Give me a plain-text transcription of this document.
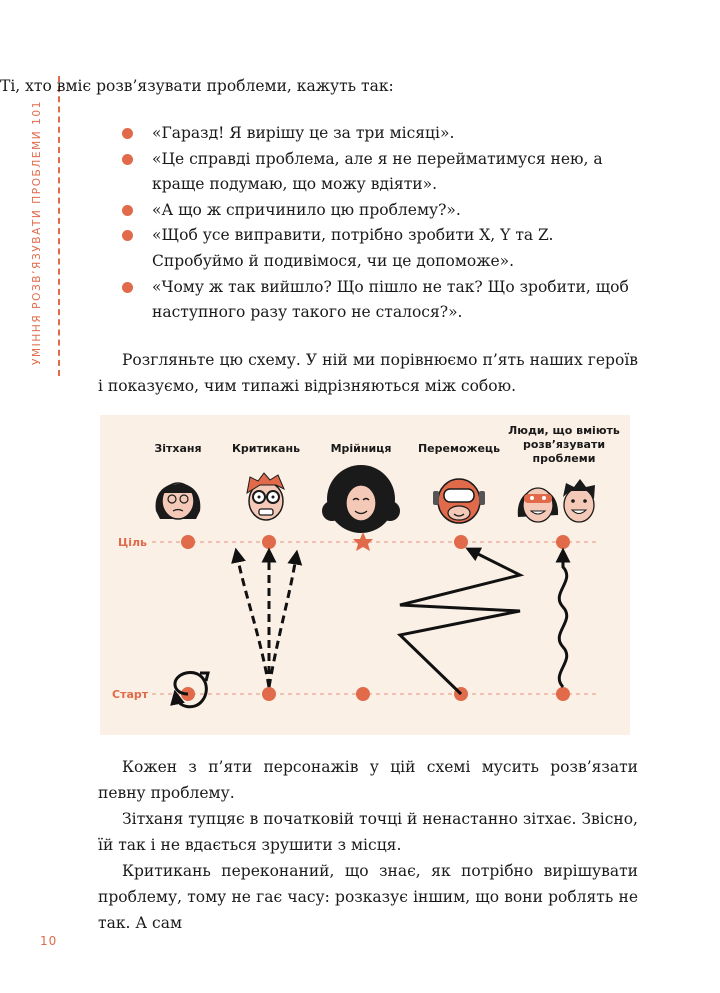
УМІННЯ РОЗВ’ЯЗУВАТИ ПРОБЛЕМИ 101

Ті, хто вміє розв’язувати проблеми, кажуть так:

«Гаразд! Я вирішу це за три місяці».
«Це справді проблема, але я не перейматимуся нею, а краще подумаю, що можу вдіяти».
«А що ж спричинило цю проблему?».
«Щоб усе виправити, потрібно зробити X, Y та Z. Спробуймо й подивімося, чи це допоможе».
«Чому ж так вийшло? Що пішло не так? Що зробити, щоб наступного разу такого не сталося?».

Розгляньте цю схему. У ній ми порівнюємо п’ять наших героїв і показуємо, чим типажі відрізняються між собою.

Зітханя	Критикань	Мрійниця Переможець
Люди, що вміють
розв’язувати
проблеми
Ціль
Старт

Кожен з п’яти персонажів у цій схемі мусить розв’язати певну проблему.

Зітханя тупцяє в початковій точці й ненастанно зітхає. Звісно, їй так і не вдається зрушити з місця.

Критикань переконаний, що знає, як потрібно вирішувати проблему, тому не гає часу: розказує іншим, що вони роблять не так. А сам

10
